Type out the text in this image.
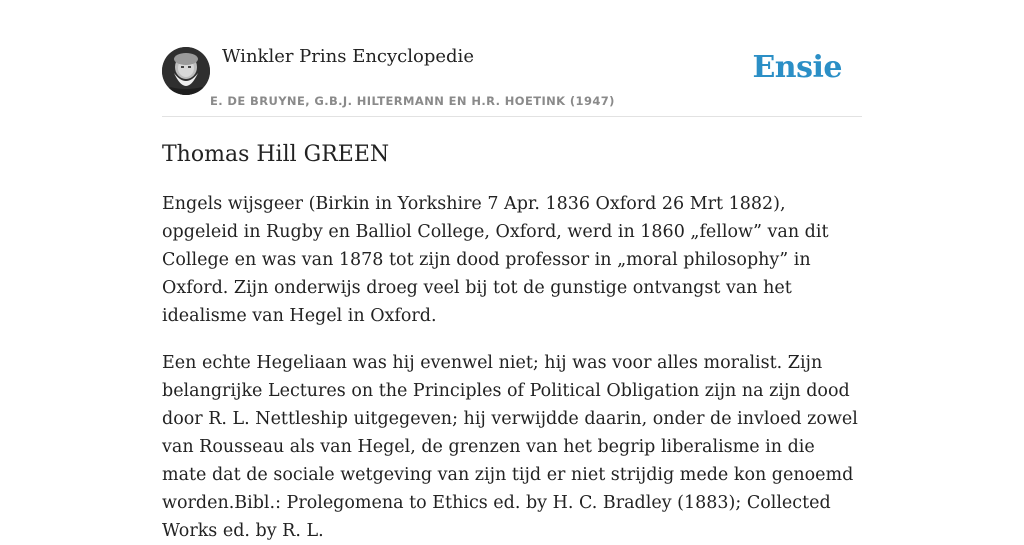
Winkler Prins Encyclopedie
E. DE BRUYNE, G.B.J. HILTERMANN EN H.R. HOETINK (1947)
Ensie
Thomas Hill GREEN

Engels wijsgeer (Birkin in Yorkshire 7 Apr. 1836 Oxford 26 Mrt 1882), opgeleid in Rugby en Balliol College, Oxford, werd in 1860 „fellow” van dit College en was van 1878 tot zijn dood professor in „moral philosophy” in Oxford. Zijn onderwijs droeg veel bij tot de gunstige ontvangst van het idealisme van Hegel in Oxford.

Een echte Hegeliaan was hij evenwel niet; hij was voor alles moralist. Zijn belangrijke Lectures on the Principles of Political Obligation zijn na zijn dood door R. L. Nettleship uitgegeven; hij verwijdde daarin, onder de invloed zowel van Rousseau als van Hegel, de grenzen van het begrip liberalisme in die mate dat de sociale wetgeving van zijn tijd er niet strijdig mede kon genoemd worden.Bibl.: Prolegomena to Ethics ed. by H. C. Bradley (1883); Collected Works ed. by R. L.
